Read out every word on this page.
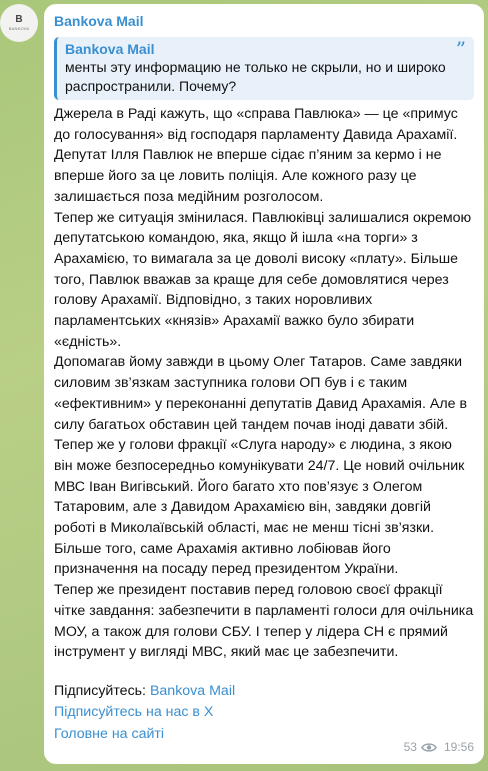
B
BANKOVA Bankova Mail
Bankova Mail
менты эту информацию не только не скрыли, но и широко распространили. Почему?
”

Джерела в Раді кажуть, що «справа Павлюка» — це «примус до голосування» від господаря парламенту Давида Арахамії. Депутат Ілля Павлюк не вперше сідає п’яним за кермо і не вперше його за це ловить поліція. Але кожного разу це залишається поза медійним розголосом.

Тепер же ситуація змінилася. Павлюківці залишалися окремою депутатською командою, яка, якщо й ішла «на торги» з Арахамією, то вимагала за це доволі високу «плату». Більше того, Павлюк вважав за краще для себе домовлятися через голову Арахамії. Відповідно, з таких норовливих парламентських «князів» Арахамії важко було збирати «єдність».

Допомагав йому завжди в цьому Олег Татаров. Саме завдяки силовим зв’язкам заступника голови ОП був і є таким «ефективним» у переконанні депутатів Давид Арахамія. Але в силу багатьох обставин цей тандем почав іноді давати збій.

Тепер же у голови фракції «Слуга народу» є людина, з якою він може безпосередньо комунікувати 24/7. Це новий очільник МВС Іван Вигівський. Його багато хто пов’язує з Олегом Татаровим, але з Давидом Арахамією він, завдяки довгій роботі в Миколаївській області, має не менш тісні зв’язки.

Більше того, саме Арахамія активно лобіював його призначення на посаду перед президентом України.

Тепер же президент поставив перед головою своєї фракції чітке завдання: забезпечити в парламенті голоси для очільника МОУ, а також для голови СБУ. І тепер у лідера СН є прямий інструмент у вигляді МВС, який має це забезпечити.

Підписуйтесь: Bankova Mail
Підписуйтесь на нас в Х
Головне на сайті
53 19:56
